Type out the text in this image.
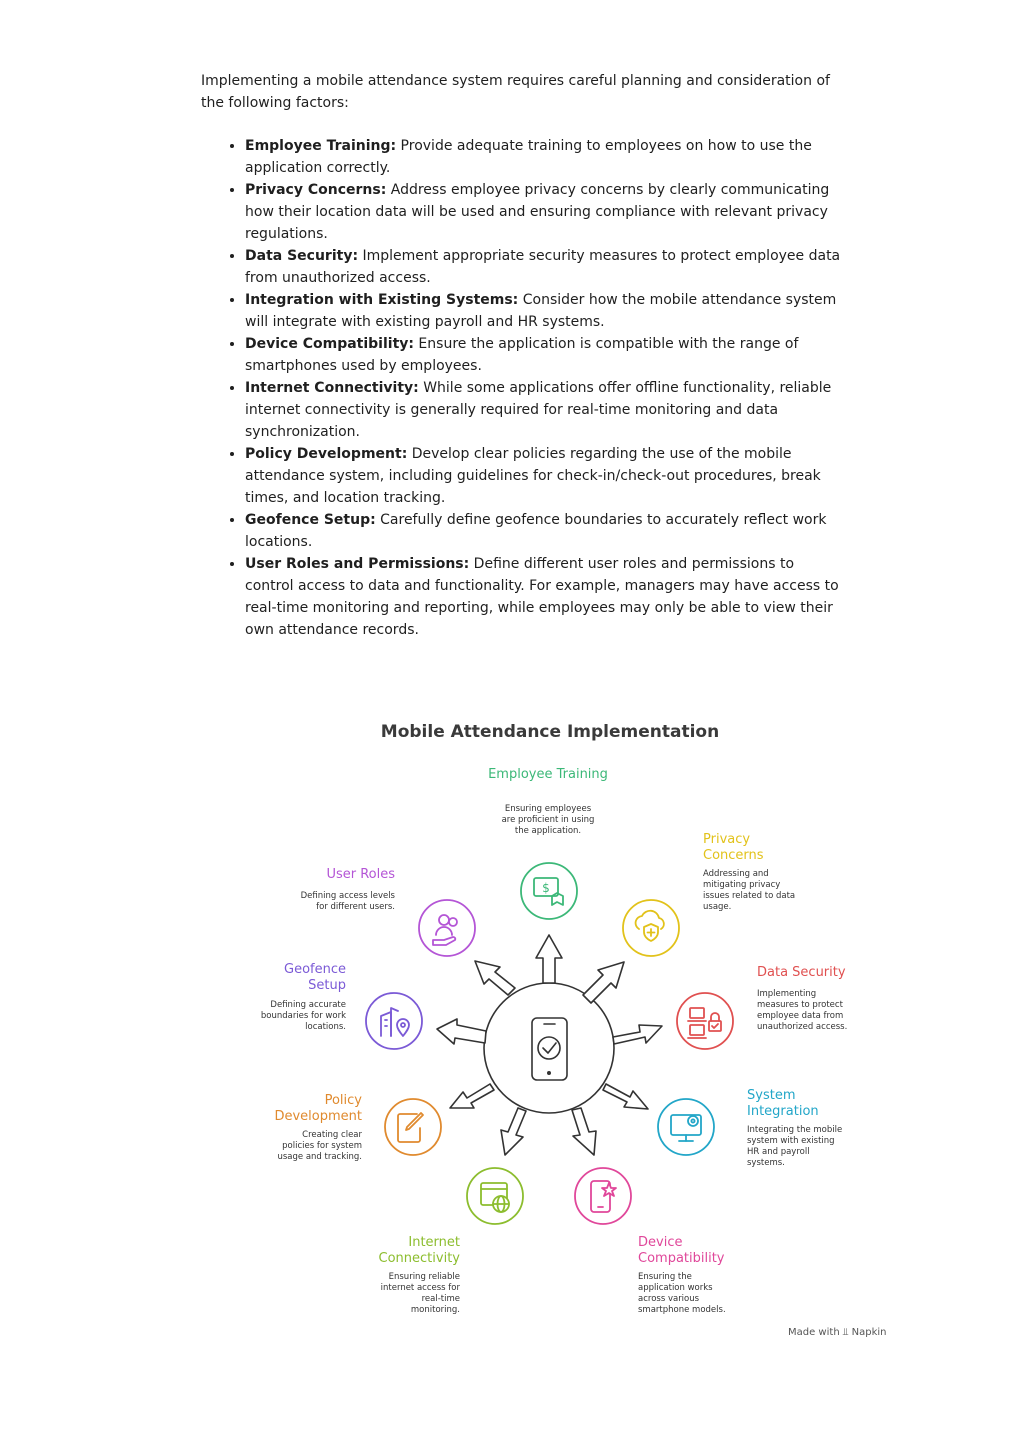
Implementing a mobile attendance system requires careful planning and consideration of the following factors:

• Employee Training: Provide adequate training to employees on how to use the application correctly.
• Privacy Concerns: Address employee privacy concerns by clearly communicating how their location data will be used and ensuring compliance with relevant privacy regulations.
• Data Security: Implement appropriate security measures to protect employee data from unauthorized access.
• Integration with Existing Systems: Consider how the mobile attendance system will integrate with existing payroll and HR systems.
• Device Compatibility: Ensure the application is compatible with the range of smartphones used by employees.
• Internet Connectivity: While some applications offer offline functionality, reliable internet connectivity is generally required for real-time monitoring and data synchronization.
• Policy Development: Develop clear policies regarding the use of the mobile attendance system, including guidelines for check-in/check-out procedures, break times, and location tracking.
• Geofence Setup: Carefully define geofence boundaries to accurately reflect work locations.
• User Roles and Permissions: Define different user roles and permissions to control access to data and functionality. For example, managers may have access to real-time monitoring and reporting, while employees may only be able to view their own attendance records.
Mobile Attendance Implementation
$
Employee Training
Ensuring employees are proficient in using the application.
Privacy Concerns
Addressing and mitigating privacy issues related to data usage.
Data Security
Implementing measures to protect employee data from unauthorized access.
System Integration
Integrating the mobile system with existing HR and payroll systems.
Device Compatibility
Ensuring the application works across various smartphone models.
Internet Connectivity
Ensuring reliable internet access for real-time monitoring.
Policy Development
Creating clear policies for system usage and tracking.
Geofence Setup
Defining accurate boundaries for work locations.
User Roles
Defining access levels for different users.
Made with ⫫ Napkin
